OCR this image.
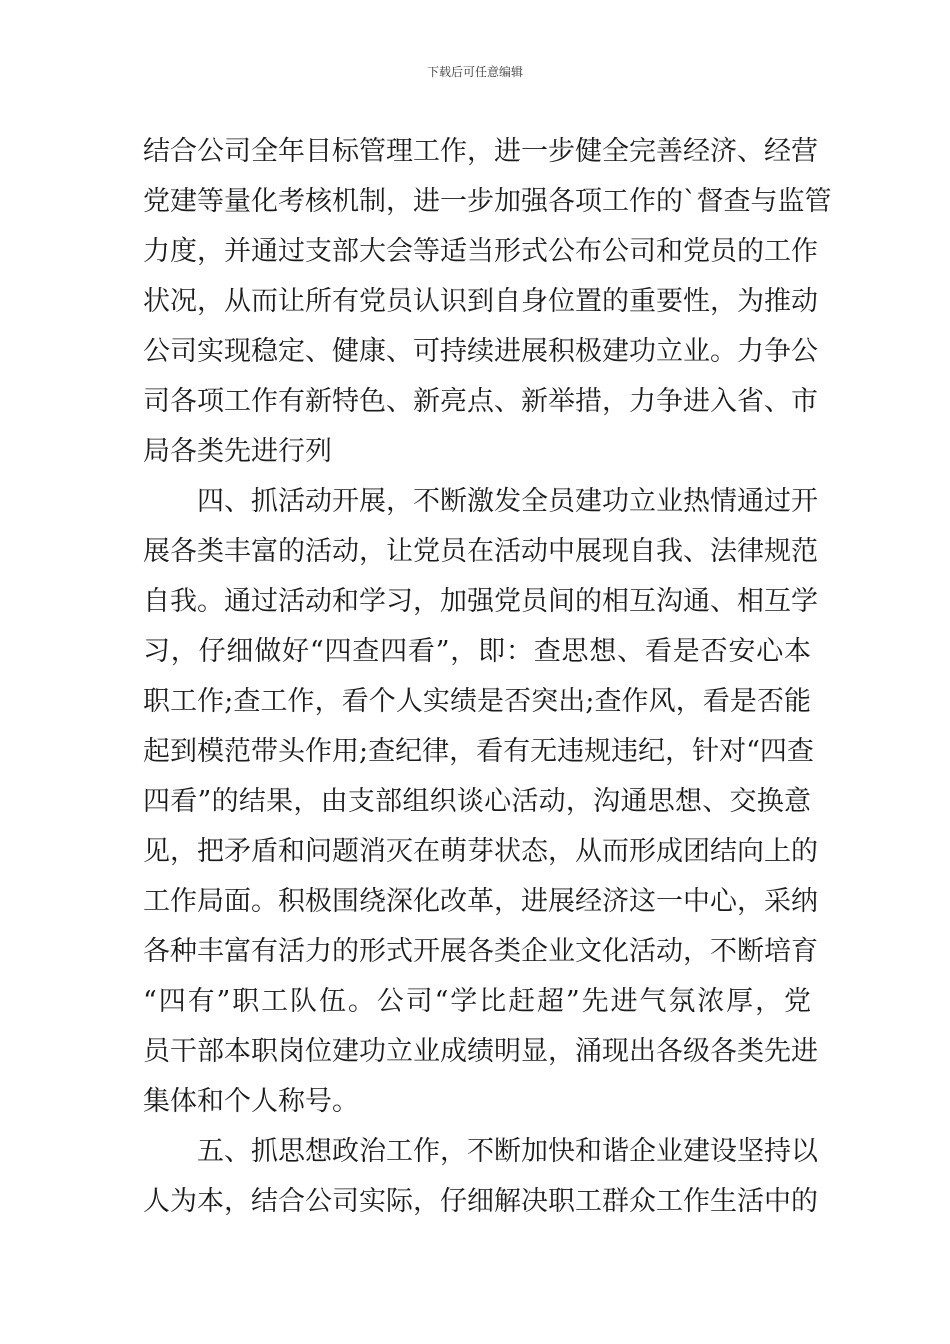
下载后可任意编辑
结合公司全年目标管理工作，进一步健全完善经济、经营
党建等量化考核机制，进一步加强各项工作的`督查与监管
力度，并通过支部大会等适当形式公布公司和党员的工作
状况，从而让所有党员认识到自身位置的重要性，为推动
公司实现稳定、健康、可持续进展积极建功立业。力争公
司各项工作有新特色、新亮点、新举措，力争进入省、市
局各类先进行列
　　四、抓活动开展，不断激发全员建功立业热情通过开
展各类丰富的活动，让党员在活动中展现自我、法律规范
自我。通过活动和学习，加强党员间的相互沟通、相互学
习，仔细做好“四查四看”，即：查思想、看是否安心本
职工作;查工作，看个人实绩是否突出;查作风，看是否能
起到模范带头作用;查纪律，看有无违规违纪，针对“四查
四看”的结果，由支部组织谈心活动，沟通思想、交换意
见，把矛盾和问题消灭在萌芽状态，从而形成团结向上的
工作局面。积极围绕深化改革，进展经济这一中心，采纳
各种丰富有活力的形式开展各类企业文化活动，不断培育
“四有”职工队伍。公司“学比赶超”先进气氛浓厚，党
员干部本职岗位建功立业成绩明显，涌现出各级各类先进
集体和个人称号。
　　五、抓思想政治工作，不断加快和谐企业建设坚持以
人为本，结合公司实际，仔细解决职工群众工作生活中的
